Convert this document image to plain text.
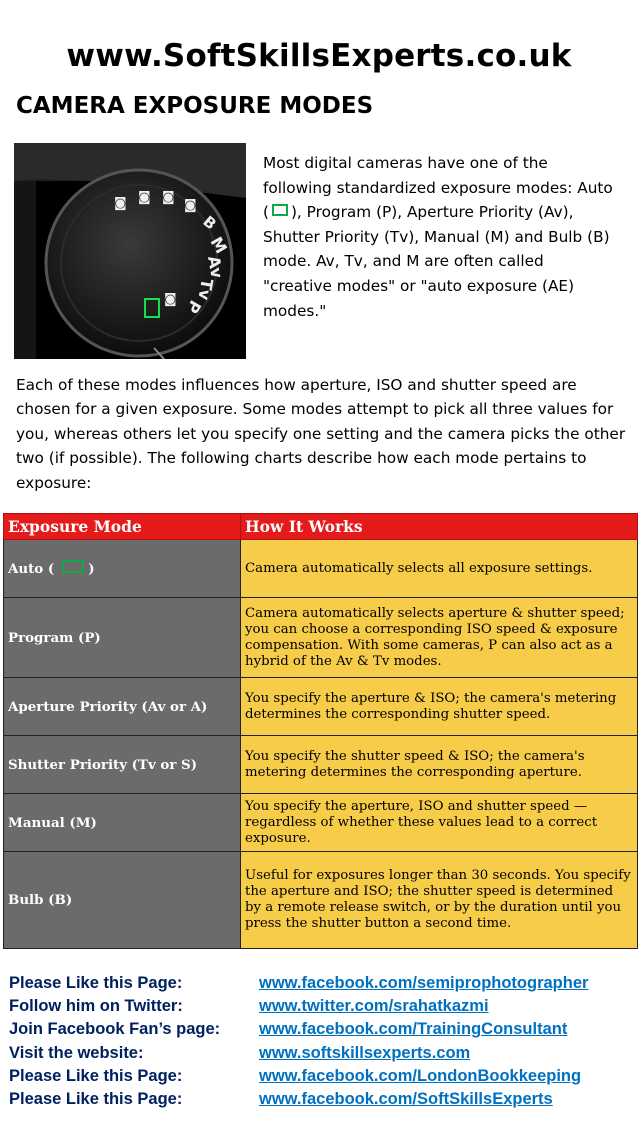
www.SoftSkillsExperts.co.uk
CAMERA EXPOSURE MODES
◙ ◙ ◙
◙
B
M
Av
Tv
P
◙
Most digital cameras have one of the following standardized exposure modes: Auto ( ), Program (P), Aperture Priority (Av), Shutter Priority (Tv), Manual (M) and Bulb (B) mode. Av, Tv, and M are often called "creative modes" or "auto exposure (AE) modes."
Each of these modes influences how aperture, ISO and shutter speed are chosen for a given exposure. Some modes attempt to pick all three values for you, whereas others let you specify one setting and the camera picks the other two (if possible). The following charts describe how each mode pertains to exposure:
Exposure Mode	How It Works
Auto ( )	Camera automatically selects all exposure settings.
Program (P)	Camera automatically selects aperture & shutter speed; you can choose a corresponding ISO speed & exposure compensation. With some cameras, P can also act as a hybrid of the Av & Tv modes.
Aperture Priority (Av or A)	You specify the aperture & ISO; the camera's metering determines the corresponding shutter speed.
Shutter Priority (Tv or S)	You specify the shutter speed & ISO; the camera's metering determines the corresponding aperture.
Manual (M)	You specify the aperture, ISO and shutter speed — regardless of whether these values lead to a correct exposure.
Bulb (B)	Useful for exposures longer than 30 seconds. You specify the aperture and ISO; the shutter speed is determined by a remote release switch, or by the duration until you press the shutter button a second time.
Please Like this Page:	www.facebook.com/semiprophotographer
Follow him on Twitter:	www.twitter.com/srahatkazmi
Join Facebook Fan’s page: www.facebook.com/TrainingConsultant
Visit the website:	www.softskillsexperts.com
Please Like this Page:	www.facebook.com/LondonBookkeeping
Please Like this Page:	www.facebook.com/SoftSkillsExperts
